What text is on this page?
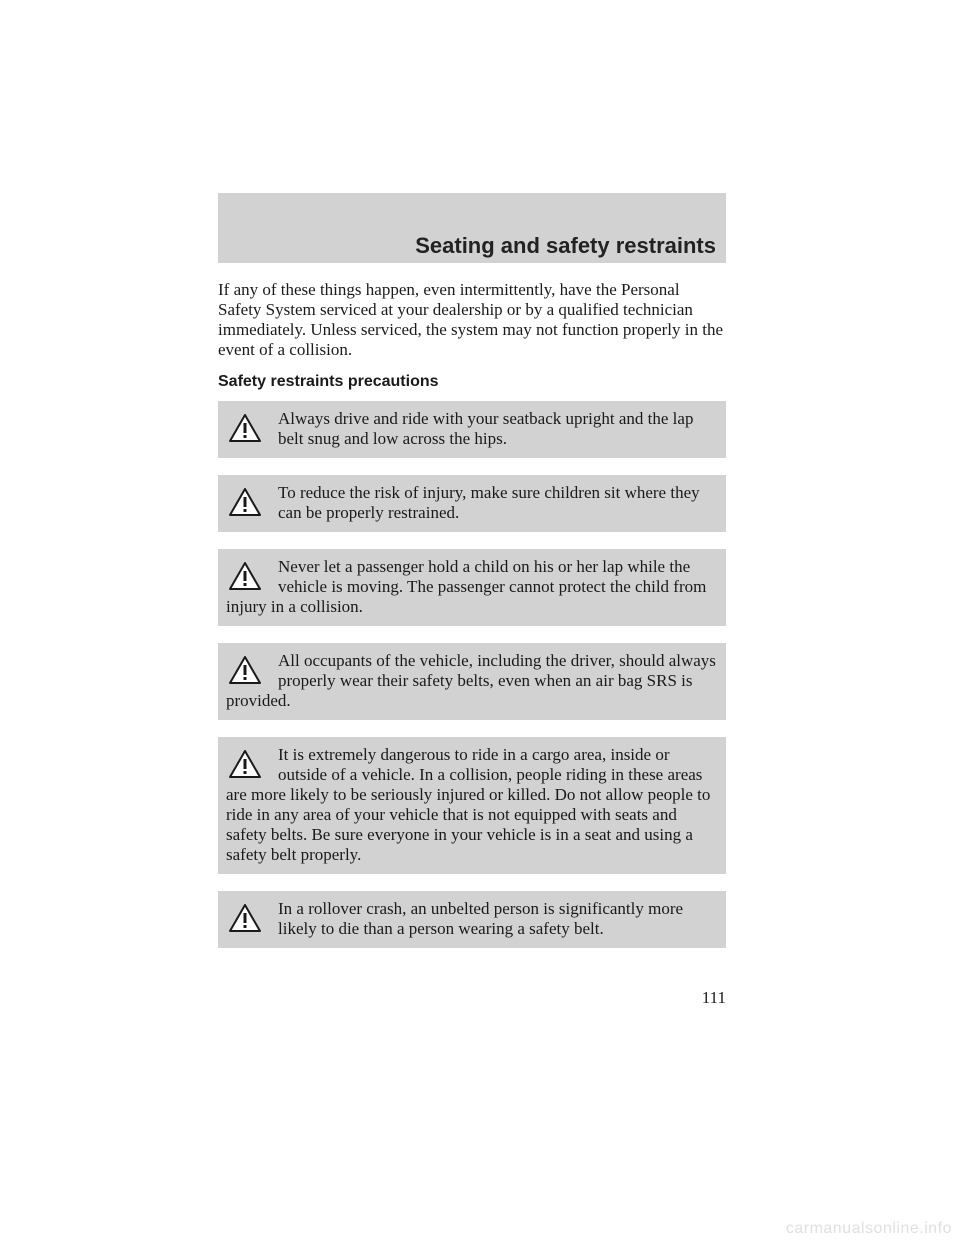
Seating and safety restraints

If any of these things happen, even intermittently, have the Personal Safety System serviced at your dealership or by a qualified technician immediately. Unless serviced, the system may not function properly in the event of a collision.

Safety restraints precautions

Always drive and ride with your seatback upright and the lap belt snug and low across the hips.

To reduce the risk of injury, make sure children sit where they can be properly restrained.

Never let a passenger hold a child on his or her lap while the vehicle is moving. The passenger cannot protect the child from injury in a collision.

All occupants of the vehicle, including the driver, should always properly wear their safety belts, even when an air bag SRS is provided.

It is extremely dangerous to ride in a cargo area, inside or outside of a vehicle. In a collision, people riding in these areas are more likely to be seriously injured or killed. Do not allow people to ride in any area of your vehicle that is not equipped with seats and safety belts. Be sure everyone in your vehicle is in a seat and using a safety belt properly.

In a rollover crash, an unbelted person is significantly more likely to die than a person wearing a safety belt.

111

carmanualsonline.info
